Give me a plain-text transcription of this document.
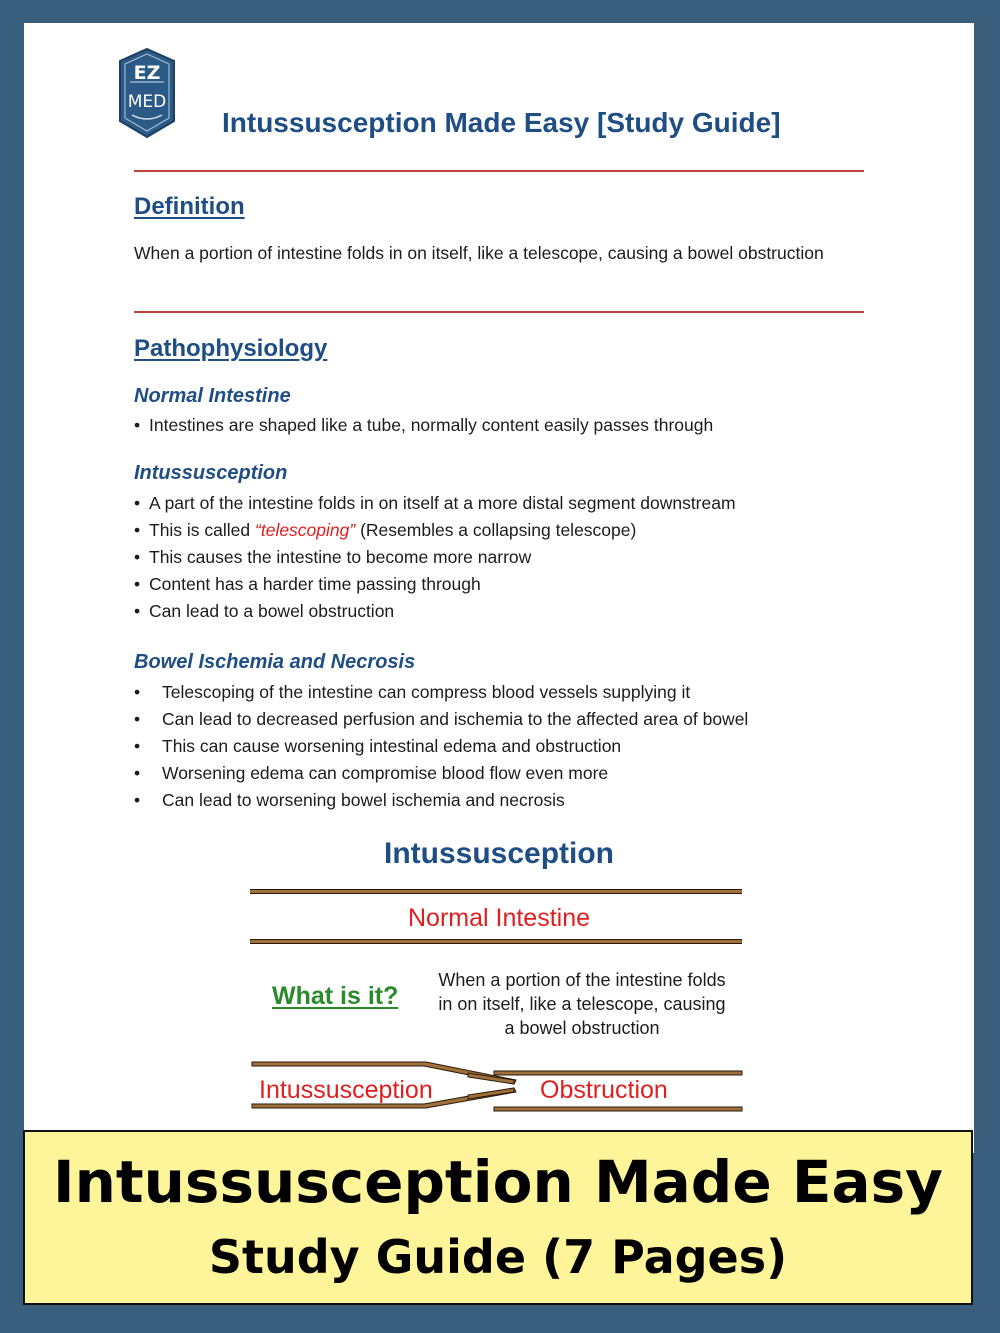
EZ
MED
Intussusception Made Easy [Study Guide]
Definition
When a portion of intestine folds in on itself, like a telescope, causing a bowel obstruction
Pathophysiology
Normal Intestine
• Intestines are shaped like a tube, normally content easily passes through
Intussusception
• A part of the intestine folds in on itself at a more distal segment downstream
• This is called “telescoping” (Resembles a collapsing telescope)
• This causes the intestine to become more narrow
• Content has a harder time passing through
• Can lead to a bowel obstruction
Bowel Ischemia and Necrosis
• Telescoping of the intestine can compress blood vessels supplying it
• Can lead to decreased perfusion and ischemia to the affected area of bowel
• This can cause worsening intestinal edema and obstruction
• Worsening edema can compromise blood flow even more
• Can lead to worsening bowel ischemia and necrosis
Intussusception
Normal Intestine
What is it?
When a portion of the intestine folds in on itself, like a telescope, causing a bowel obstruction
Intussusception	Obstruction
Intussusception Made Easy
Study Guide (7 Pages)
